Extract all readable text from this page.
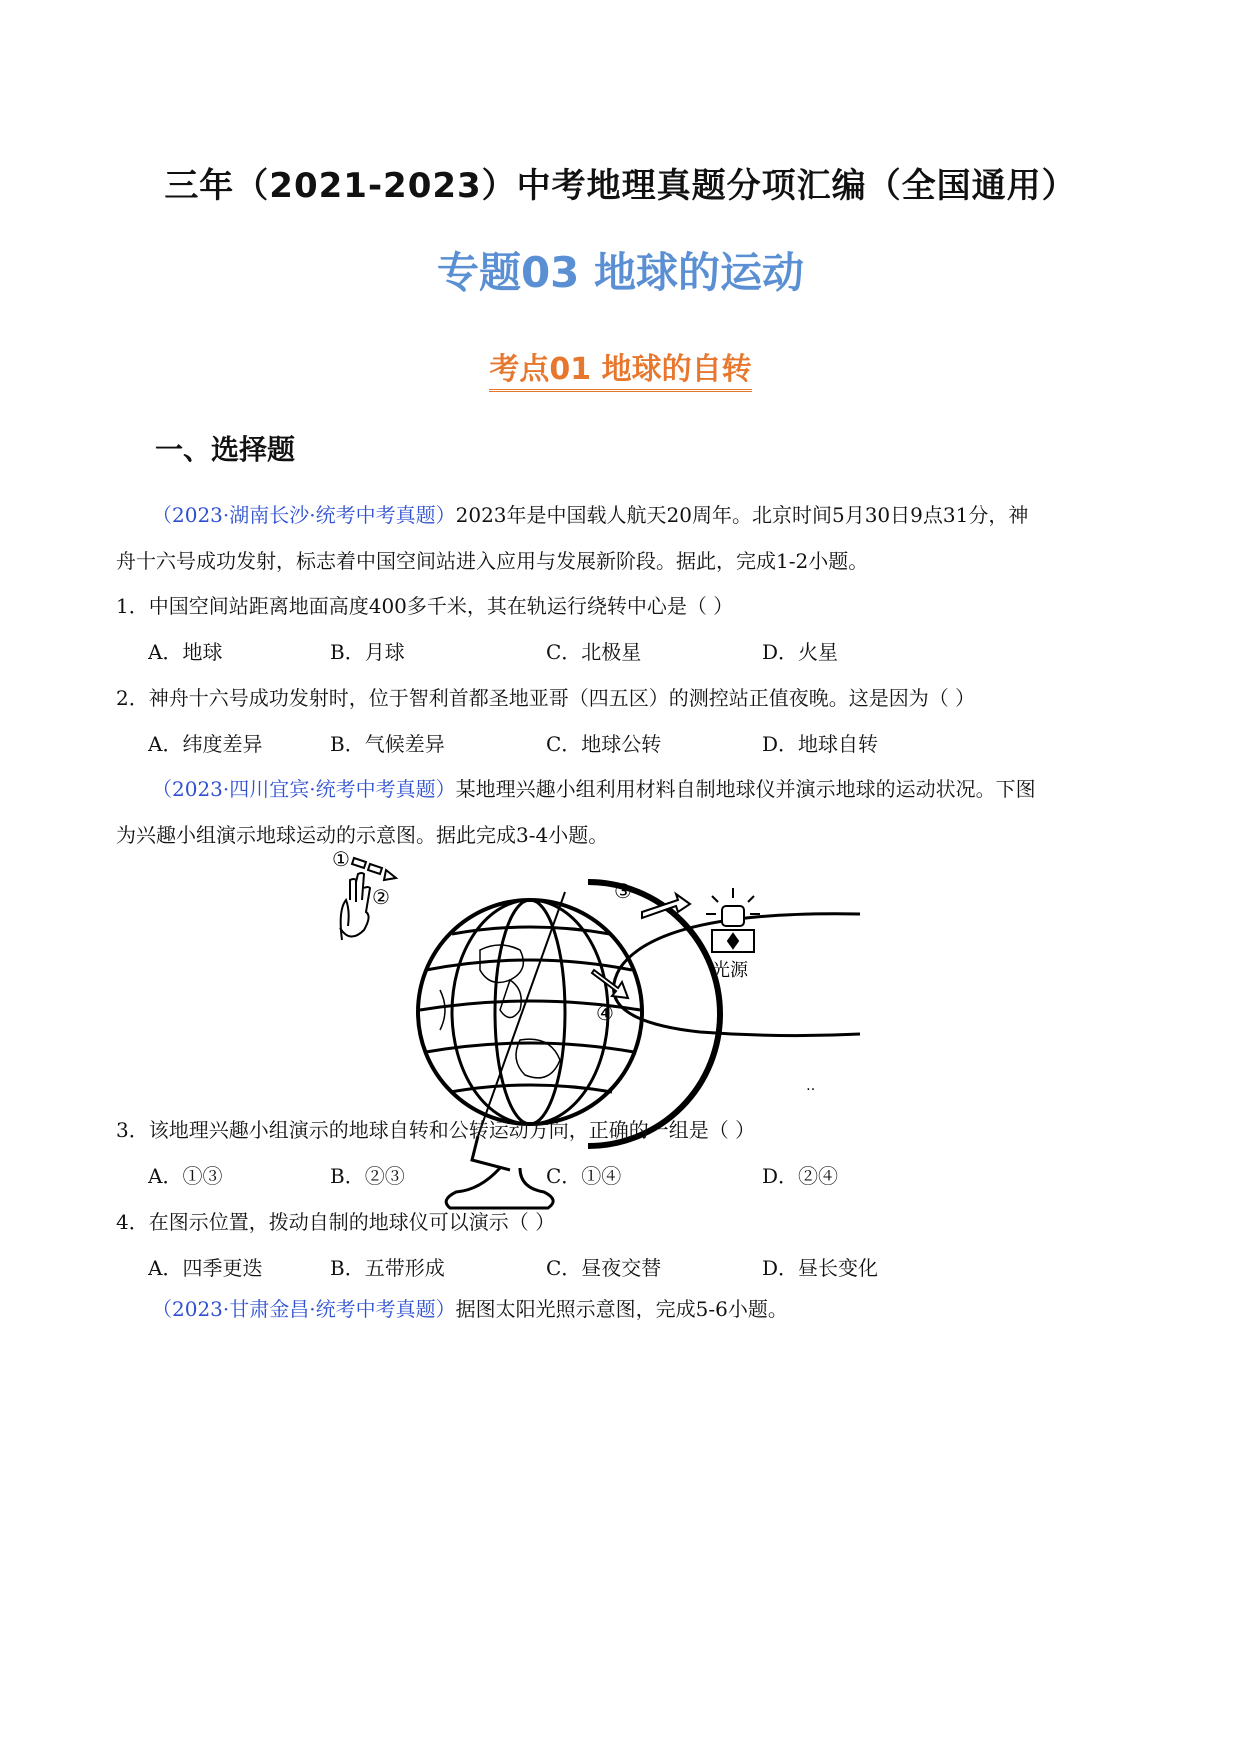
三年（2021-2023）中考地理真题分项汇编（全国通用）
专题03 地球的运动
考点01 地球的自转
一、选择题
（2023·湖南长沙·统考中考真题）2023年是中国载人航天20周年。北京时间5月30日9点31分，神
舟十六号成功发射，标志着中国空间站进入应用与发展新阶段。据此，完成1-2小题。
1．中国空间站距离地面高度400多千米，其在轨运行绕转中心是（ ）
A．地球	B．月球	C．北极星	D．火星
2．神舟十六号成功发射时，位于智利首都圣地亚哥（四五区）的测控站正值夜晚。这是因为（ ）
A．纬度差异	B．气候差异	C．地球公转	D．地球自转
（2023·四川宜宾·统考中考真题）某地理兴趣小组利用材料自制地球仪并演示地球的运动状况。下图
为兴趣小组演示地球运动的示意图。据此完成3-4小题。
①
②	③
④
光源
‥
3．该地理兴趣小组演示的地球自转和公转运动方向，正确的一组是（ ）
A．①③	B．②③	C．①④	D．②④
4．在图示位置，拨动自制的地球仪可以演示（ ）
A．四季更迭	B．五带形成	C．昼夜交替	D．昼长变化
（2023·甘肃金昌·统考中考真题）据图太阳光照示意图，完成5-6小题。
